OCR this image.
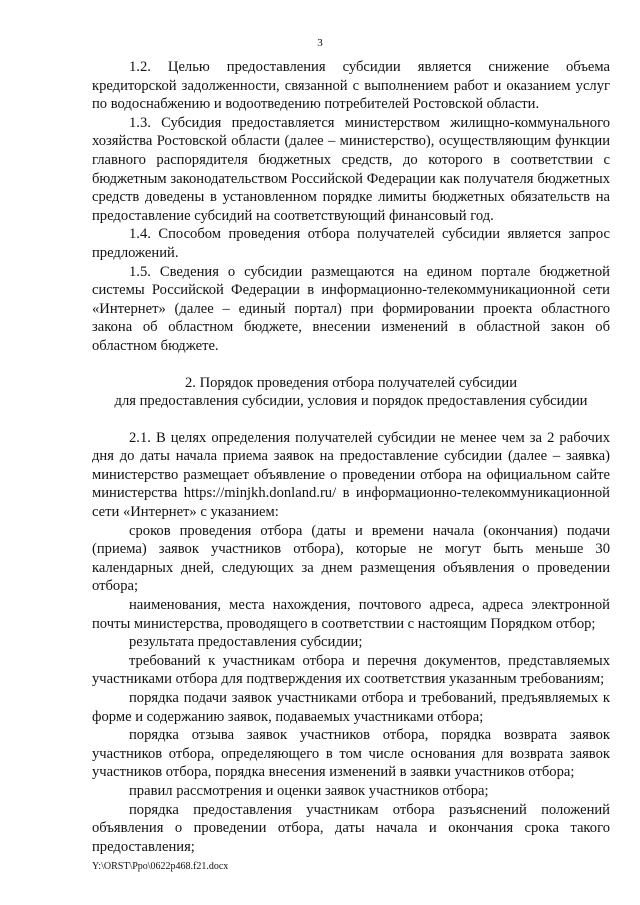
3

1.2. Целью предоставления субсидии является снижение объема кредиторской задолженности, связанной с выполнением работ и оказанием услуг по водоснабжению и водоотведению потребителей Ростовской области.

1.3. Субсидия предоставляется министерством жилищно-коммунального хозяйства Ростовской области (далее – министерство), осуществляющим функции главного распорядителя бюджетных средств, до которого в соответствии с бюджетным законодательством Российской Федерации как получателя бюджетных средств доведены в установленном порядке лимиты бюджетных обязательств на предоставление субсидий на соответствующий финансовый год.

1.4. Способом проведения отбора получателей субсидии является запрос предложений.

1.5. Сведения о субсидии размещаются на едином портале бюджетной системы Российской Федерации в информационно-телекоммуникационной сети «Интернет» (далее – единый портал) при формировании проекта областного закона об областном бюджете, внесении изменений в областной закон об областном бюджете.

2. Порядок проведения отбора получателей субсидии
для предоставления субсидии, условия и порядок предоставления субсидии

2.1. В целях определения получателей субсидии не менее чем за 2 рабочих дня до даты начала приема заявок на предоставление субсидии (далее – заявка) министерство размещает объявление о проведении отбора на официальном сайте министерства https://minjkh.donland.ru/ в информационно-телекоммуникационной сети «Интернет» с указанием:

сроков проведения отбора (даты и времени начала (окончания) подачи (приема) заявок участников отбора), которые не могут быть меньше 30 календарных дней, следующих за днем размещения объявления о проведении отбора;

наименования, места нахождения, почтового адреса, адреса электронной почты министерства, проводящего в соответствии с настоящим Порядком отбор;

результата предоставления субсидии;

требований к участникам отбора и перечня документов, представляемых участниками отбора для подтверждения их соответствия указанным требованиям;

порядка подачи заявок участниками отбора и требований, предъявляемых к форме и содержанию заявок, подаваемых участниками отбора;

порядка отзыва заявок участников отбора, порядка возврата заявок участников отбора, определяющего в том числе основания для возврата заявок участников отбора, порядка внесения изменений в заявки участников отбора;

правил рассмотрения и оценки заявок участников отбора;

порядка предоставления участникам отбора разъяснений положений объявления о проведении отбора, даты начала и окончания срока такого предоставления;

Y:\ORST\Ppo\0622p468.f21.docx
